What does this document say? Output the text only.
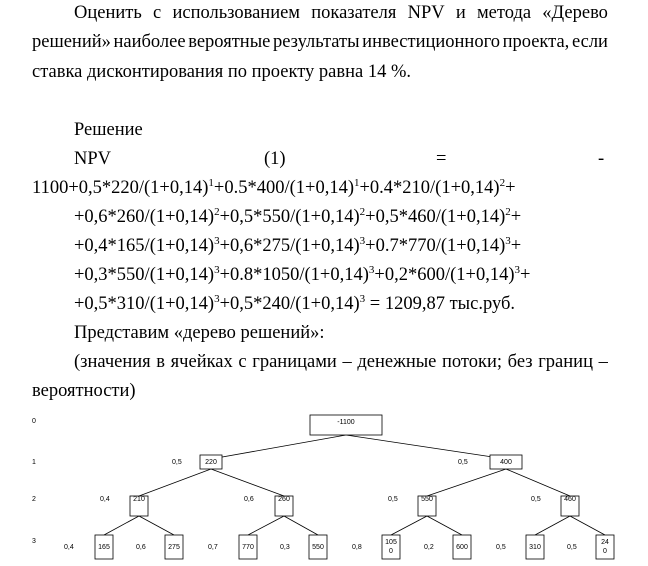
Оценить с использованием показателя NPV и метода «Дерево
решений» наиболее вероятные результаты инвестиционного проекта, если
ставка дисконтирования по проекту равна 14 %.
Решение
NPV	(1)	=	-
$1100+0,5*220/(1+0,14)^1+0.5*400/(1+0,14)^1+0.4*210/(1+0,14)^2+$
$+0,6*260/(1+0,14)^2+0,5*550/(1+0,14)^2+0,5*460/(1+0,14)^2+$
$+0,4*165/(1+0,14)^3+0,6*275/(1+0,14)^3+0.7*770/(1+0,14)^3+$
$+0,3*550/(1+0,14)^3+0.8*1050/(1+0,14)^3+0,2*600/(1+0,14)^3+$
$+0,5*310/(1+0,14)^3+0,5*240/(1+0,14)^3 = 1209,87$ тыс.руб.
Представим «дерево решений»:
(значения в ячейках с границами – денежные потоки; без границ –
вероятности)
0
1
2
3
-1100
0,5	220	0,5	400
0,4	210	0,6	260	0,5	550	0,5	460
0,4	165	0,6	275	0,7	770	0,3	550	0,8
105
0
0,2	600	0,5	310	0,5
24
0
